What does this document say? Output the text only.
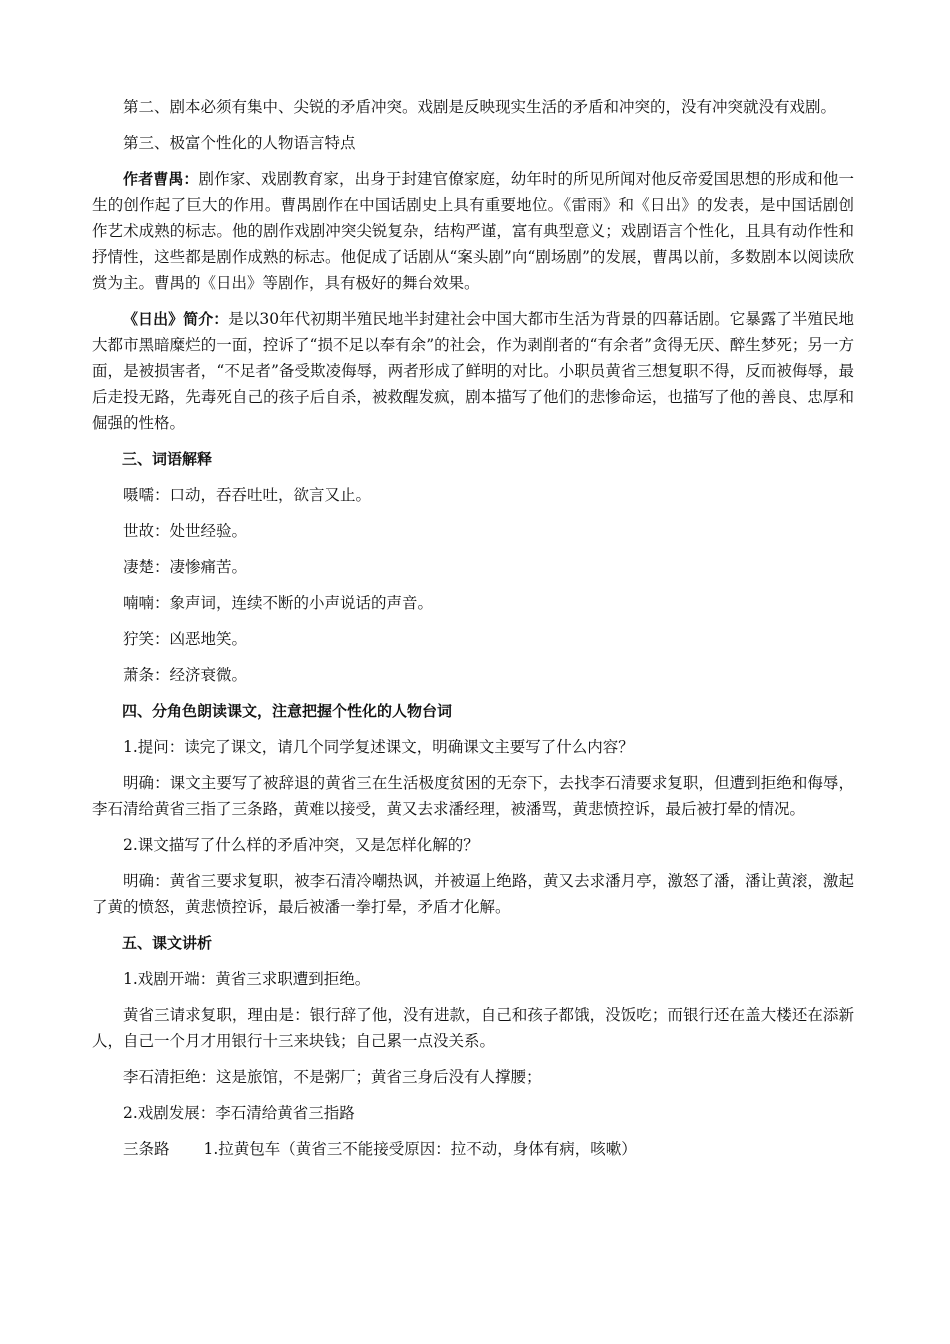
第二、剧本必须有集中、尖锐的矛盾冲突。戏剧是反映现实生活的矛盾和冲突的，没有冲突就没有戏剧。

第三、极富个性化的人物语言特点

作者曹禺：剧作家、戏剧教育家，出身于封建官僚家庭，幼年时的所见所闻对他反帝爱国思想的形成和他一生的创作起了巨大的作用。曹禺剧作在中国话剧史上具有重要地位。《雷雨》和《日出》的发表，是中国话剧创作艺术成熟的标志。他的剧作戏剧冲突尖锐复杂，结构严谨，富有典型意义；戏剧语言个性化，且具有动作性和抒情性，这些都是剧作成熟的标志。他促成了话剧从“案头剧”向“剧场剧”的发展，曹禺以前，多数剧本以阅读欣赏为主。曹禺的《日出》等剧作，具有极好的舞台效果。

《日出》简介：是以30年代初期半殖民地半封建社会中国大都市生活为背景的四幕话剧。它暴露了半殖民地大都市黑暗糜烂的一面，控诉了“损不足以奉有余”的社会，作为剥削者的“有余者”贪得无厌、醉生梦死；另一方面，是被损害者，“不足者”备受欺凌侮辱，两者形成了鲜明的对比。小职员黄省三想复职不得，反而被侮辱，最后走投无路，先毒死自己的孩子后自杀，被救醒发疯，剧本描写了他们的悲惨命运，也描写了他的善良、忠厚和倔强的性格。

三、词语解释

嗫嚅：口动，吞吞吐吐，欲言又止。

世故：处世经验。

凄楚：凄惨痛苦。

喃喃：象声词，连续不断的小声说话的声音。

狞笑：凶恶地笑。

萧条：经济衰微。

四、分角色朗读课文，注意把握个性化的人物台词

1.提问：读完了课文，请几个同学复述课文，明确课文主要写了什么内容？

明确：课文主要写了被辞退的黄省三在生活极度贫困的无奈下，去找李石清要求复职，但遭到拒绝和侮辱，李石清给黄省三指了三条路，黄难以接受，黄又去求潘经理，被潘骂，黄悲愤控诉，最后被打晕的情况。

2.课文描写了什么样的矛盾冲突，又是怎样化解的？

明确：黄省三要求复职，被李石清冷嘲热讽，并被逼上绝路，黄又去求潘月亭，激怒了潘，潘让黄滚，激起了黄的愤怒，黄悲愤控诉，最后被潘一拳打晕，矛盾才化解。

五、课文讲析

1.戏剧开端：黄省三求职遭到拒绝。

黄省三请求复职，理由是：银行辞了他，没有进款，自己和孩子都饿，没饭吃；而银行还在盖大楼还在添新人，自己一个月才用银行十三来块钱；自己累一点没关系。

李石清拒绝：这是旅馆，不是粥厂；黄省三身后没有人撑腰；

2.戏剧发展：李石清给黄省三指路

三条路 1.拉黄包车（黄省三不能接受原因：拉不动，身体有病，咳嗽）
